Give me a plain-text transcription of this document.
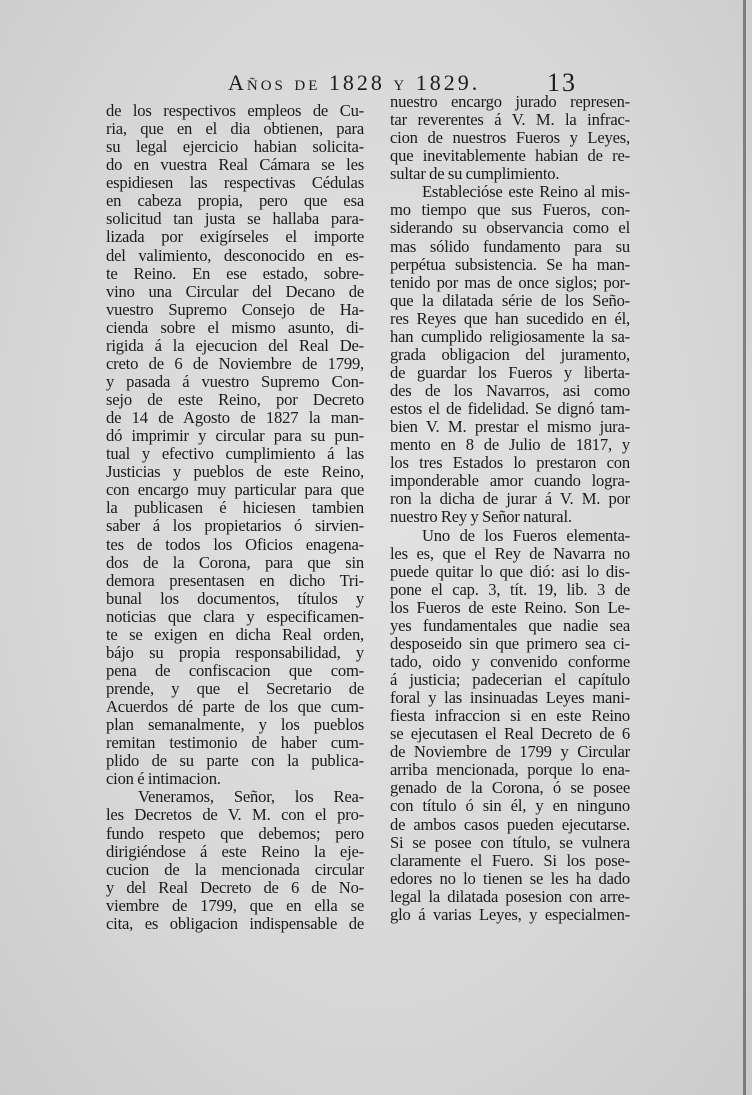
Años de 1828 y 1829.	13
de los respectivos empleos de Cu-
ria, que en el dia obtienen, para
su legal ejercicio habian solicita-
do en vuestra Real Cámara se les
espidiesen las respectivas Cédulas
en cabeza propia, pero que esa
solicitud tan justa se hallaba para-
lizada por exigírseles el importe
del valimiento, desconocido en es-
te Reino. En ese estado, sobre-
vino una Circular del Decano de
vuestro Supremo Consejo de Ha-
cienda sobre el mismo asunto, di-
rigida á la ejecucion del Real De-
creto de 6 de Noviembre de 1799,
y pasada á vuestro Supremo Con-
sejo de este Reino, por Decreto
de 14 de Agosto de 1827 la man-
dó imprimir y circular para su pun-
tual y efectivo cumplimiento á las
Justicias y pueblos de este Reino,
con encargo muy particular para que
la publicasen é hiciesen tambien
saber á los propietarios ó sirvien-
tes de todos los Oficios enagena-
dos de la Corona, para que sin
demora presentasen en dicho Tri-
bunal los documentos, títulos y
noticias que clara y especificamen-
te se exigen en dicha Real orden,
bájo su propia responsabilidad, y
pena de confiscacion que com-
prende, y que el Secretario de
Acuerdos dé parte de los que cum-
plan semanalmente, y los pueblos
remitan testimonio de haber cum-
plido de su parte con la publica-
cion é intimacion.
Veneramos, Señor, los Rea-
les Decretos de V. M. con el pro-
fundo respeto que debemos; pero
dirigiéndose á este Reino la eje-
cucion de la mencionada circular
y del Real Decreto de 6 de No-
viembre de 1799, que en ella se
cita, es obligacion indispensable de
nuestro encargo jurado represen-
tar reverentes á V. M. la infrac-
cion de nuestros Fueros y Leyes,
que inevitablemente habian de re-
sultar de su cumplimiento.
Establecióse este Reino al mis-
mo tiempo que sus Fueros, con-
siderando su observancia como el
mas sólido fundamento para su
perpétua subsistencia. Se ha man-
tenido por mas de once siglos; por-
que la dilatada série de los Seño-
res Reyes que han sucedido en él,
han cumplido religiosamente la sa-
grada obligacion del juramento,
de guardar los Fueros y liberta-
des de los Navarros, asi como
estos el de fidelidad. Se dignó tam-
bien V. M. prestar el mismo jura-
mento en 8 de Julio de 1817, y
los tres Estados lo prestaron con
imponderable amor cuando logra-
ron la dicha de jurar á V. M. por
nuestro Rey y Señor natural.
Uno de los Fueros elementa-
les es, que el Rey de Navarra no
puede quitar lo que dió: asi lo dis-
pone el cap. 3, tít. 19, lib. 3 de
los Fueros de este Reino. Son Le-
yes fundamentales que nadie sea
desposeido sin que primero sea ci-
tado, oido y convenido conforme
á justicia; padecerian el capítulo
foral y las insinuadas Leyes mani-
fiesta infraccion si en este Reino
se ejecutasen el Real Decreto de 6
de Noviembre de 1799 y Circular
arriba mencionada, porque lo ena-
genado de la Corona, ó se posee
con título ó sin él, y en ninguno
de ambos casos pueden ejecutarse.
Si se posee con título, se vulnera
claramente el Fuero. Si los pose-
edores no lo tienen se les ha dado
legal la dilatada posesion con arre-
glo á varias Leyes, y especialmen-
